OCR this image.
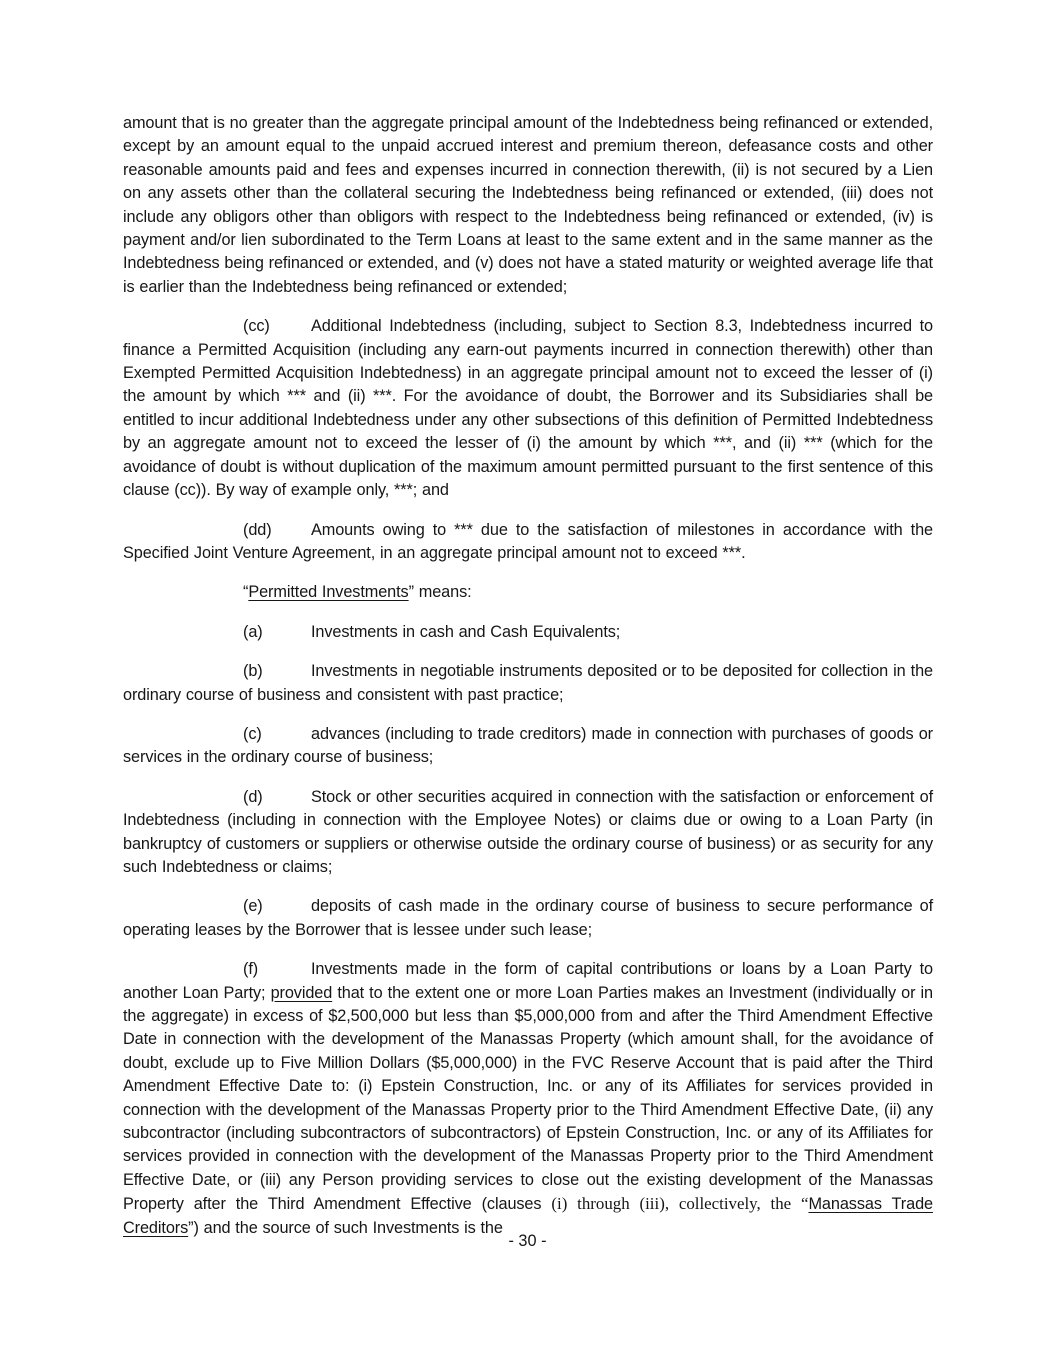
amount that is no greater than the aggregate principal amount of the Indebtedness being refinanced or extended, except by an amount equal to the unpaid accrued interest and premium thereon, defeasance costs and other reasonable amounts paid and fees and expenses incurred in connection therewith, (ii) is not secured by a Lien on any assets other than the collateral securing the Indebtedness being refinanced or extended, (iii) does not include any obligors other than obligors with respect to the Indebtedness being refinanced or extended, (iv) is payment and/or lien subordinated to the Term Loans at least to the same extent and in the same manner as the Indebtedness being refinanced or extended, and (v) does not have a stated maturity or weighted average life that is earlier than the Indebtedness being refinanced or extended;

(cc)	Additional Indebtedness (including, subject to Section 8.3, Indebtedness incurred to finance a Permitted Acquisition (including any earn-out payments incurred in connection therewith) other than Exempted Permitted Acquisition Indebtedness) in an aggregate principal amount not to exceed the lesser of (i) the amount by which *** and (ii) ***. For the avoidance of doubt, the Borrower and its Subsidiaries shall be entitled to incur additional Indebtedness under any other subsections of this definition of Permitted Indebtedness by an aggregate amount not to exceed the lesser of (i) the amount by which ***, and (ii) *** (which for the avoidance of doubt is without duplication of the maximum amount permitted pursuant to the first sentence of this clause (cc)). By way of example only, ***; and

(dd) Amounts owing to *** due to the satisfaction of milestones in accordance with the Specified Joint Venture Agreement, in an aggregate principal amount not to exceed ***.

“Permitted Investments” means:

(a)	Investments in cash and Cash Equivalents;

(b)	Investments in negotiable instruments deposited or to be deposited for collection in the ordinary course of business and consistent with past practice;

(c)	advances (including to trade creditors) made in connection with purchases of goods or services in the ordinary course of business;

(d)	Stock or other securities acquired in connection with the satisfaction or enforcement of Indebtedness (including in connection with the Employee Notes) or claims due or owing to a Loan Party (in bankruptcy of customers or suppliers or otherwise outside the ordinary course of business) or as security for any such Indebtedness or claims;

(e)	deposits of cash made in the ordinary course of business to secure performance of operating leases by the Borrower that is lessee under such lease;

(f)	Investments made in the form of capital contributions or loans by a Loan Party to another Loan Party; provided that to the extent one or more Loan Parties makes an Investment (individually or in the aggregate) in excess of $2,500,000 but less than $5,000,000 from and after the Third Amendment Effective Date in connection with the development of the Manassas Property (which amount shall, for the avoidance of doubt, exclude up to Five Million Dollars ($5,000,000) in the FVC Reserve Account that is paid after the Third Amendment Effective Date to: (i) Epstein Construction, Inc. or any of its Affiliates for services provided in connection with the development of the Manassas Property prior to the Third Amendment Effective Date, (ii) any subcontractor (including subcontractors of subcontractors) of Epstein Construction, Inc. or any of its Affiliates for services provided in connection with the development of the Manassas Property prior to the Third Amendment Effective Date, or (iii) any Person providing services to close out the existing development of the Manassas Property after the Third Amendment Effective (clauses (i) through (iii), collectively, the “Manassas Trade Creditors”) and the source of such Investments is the

- 30 -
